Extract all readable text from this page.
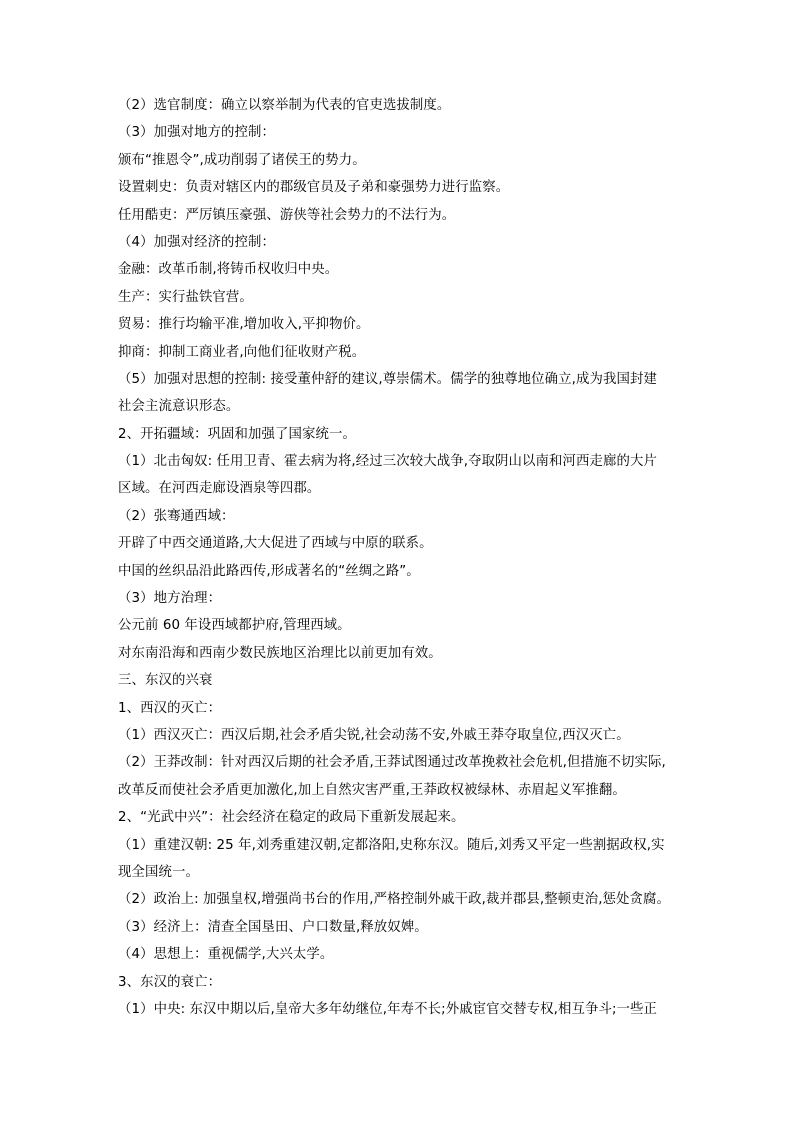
（2）选官制度：确立以察举制为代表的官吏选拔制度。
（3）加强对地方的控制：
颁布“推恩令”,成功削弱了诸侯王的势力。
设置刺史：负责对辖区内的郡级官员及子弟和豪强势力进行监察。
任用酷吏：严厉镇压豪强、游侠等社会势力的不法行为。
（4）加强对经济的控制：
金融：改革币制,将铸币权收归中央。
生产：实行盐铁官营。
贸易：推行均输平准,增加收入,平抑物价。
抑商：抑制工商业者,向他们征收财产税。
（5）加强对思想的控制: 接受董仲舒的建议,尊崇儒术。儒学的独尊地位确立,成为我国封建
社会主流意识形态。
2、开拓疆域：巩固和加强了国家统一。
（1）北击匈奴: 任用卫青、霍去病为将,经过三次较大战争,夺取阴山以南和河西走廊的大片
区域。在河西走廊设酒泉等四郡。
（2）张骞通西域：
开辟了中西交通道路,大大促进了西域与中原的联系。
中国的丝织品沿此路西传,形成著名的“丝绸之路”。
（3）地方治理：
公元前 60 年设西域都护府,管理西域。
对东南沿海和西南少数民族地区治理比以前更加有效。
三、东汉的兴衰
1、西汉的灭亡：
（1）西汉灭亡：西汉后期,社会矛盾尖锐,社会动荡不安,外戚王莽夺取皇位,西汉灭亡。
（2）王莽改制：针对西汉后期的社会矛盾,王莽试图通过改革挽救社会危机,但措施不切实际,
改革反而使社会矛盾更加激化,加上自然灾害严重,王莽政权被绿林、赤眉起义军推翻。
2、“光武中兴”：社会经济在稳定的政局下重新发展起来。
（1）重建汉朝: 25 年,刘秀重建汉朝,定都洛阳,史称东汉。随后,刘秀又平定一些割据政权,实
现全国统一。
（2）政治上: 加强皇权,增强尚书台的作用,严格控制外戚干政,裁并郡县,整顿吏治,惩处贪腐。
（3）经济上：清查全国垦田、户口数量,释放奴婢。
（4）思想上：重视儒学,大兴太学。
3、东汉的衰亡：
（1）中央: 东汉中期以后,皇帝大多年幼继位,年寿不长;外戚宦官交替专权,相互争斗;一些正
